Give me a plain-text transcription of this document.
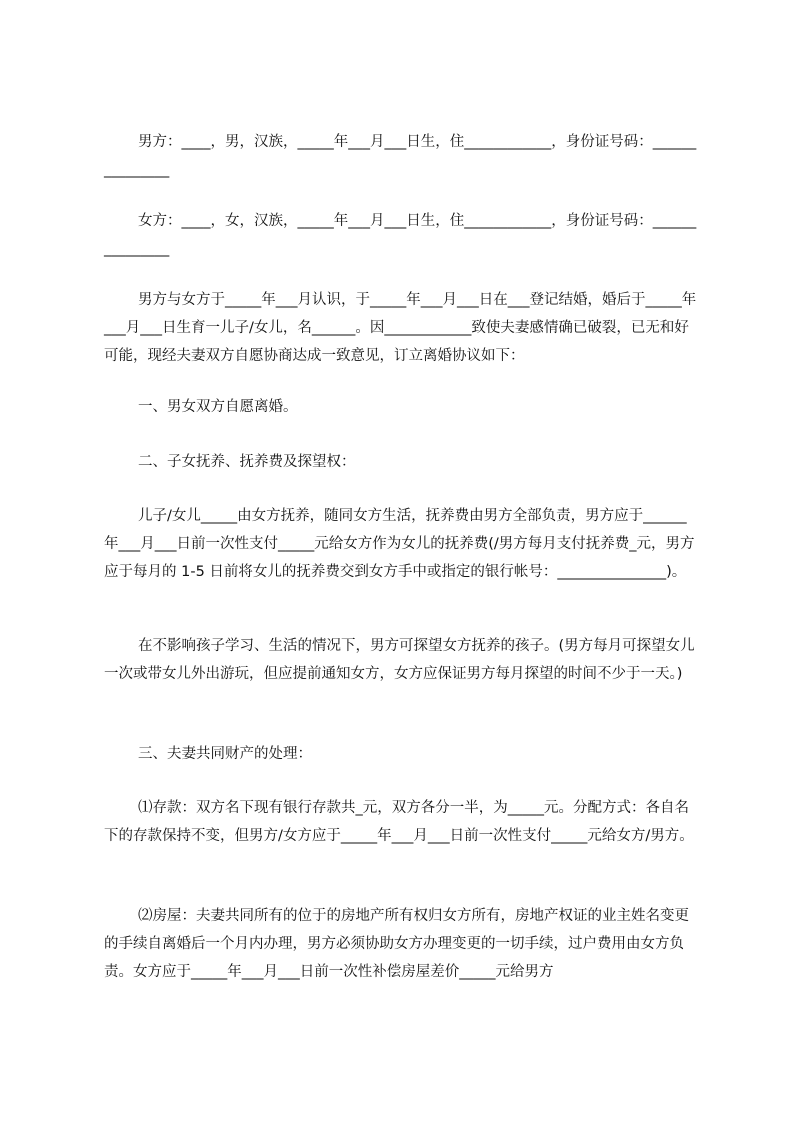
男方：____，男，汉族，_____年___月___日生，住____________，身份证号码：_______________

女方：____，女，汉族，_____年___月___日生，住____________，身份证号码：_______________

男方与女方于_____年___月认识，于_____年___月___日在___登记结婚，婚后于_____年___月___日生育一儿子/女儿，名______。因____________致使夫妻感情确已破裂，已无和好可能，现经夫妻双方自愿协商达成一致意见，订立离婚协议如下：

一、男女双方自愿离婚。

二、子女抚养、抚养费及探望权：

儿子/女儿_____由女方抚养，随同女方生活，抚养费由男方全部负责，男方应于______年___月___日前一次性支付_____元给女方作为女儿的抚养费(/男方每月支付抚养费_元，男方应于每月的 1-5 日前将女儿的抚养费交到女方手中或指定的银行帐号：_______________)。

在不影响孩子学习、生活的情况下，男方可探望女方抚养的孩子。(男方每月可探望女儿一次或带女儿外出游玩，但应提前通知女方，女方应保证男方每月探望的时间不少于一天。)

三、夫妻共同财产的处理：

⑴存款：双方名下现有银行存款共_元，双方各分一半，为_____元。分配方式：各自名下的存款保持不变，但男方/女方应于_____年___月___日前一次性支付_____元给女方/男方。

⑵房屋：夫妻共同所有的位于的房地产所有权归女方所有，房地产权证的业主姓名变更的手续自离婚后一个月内办理，男方必须协助女方办理变更的一切手续，过户费用由女方负责。女方应于_____年___月___日前一次性补偿房屋差价_____元给男方
